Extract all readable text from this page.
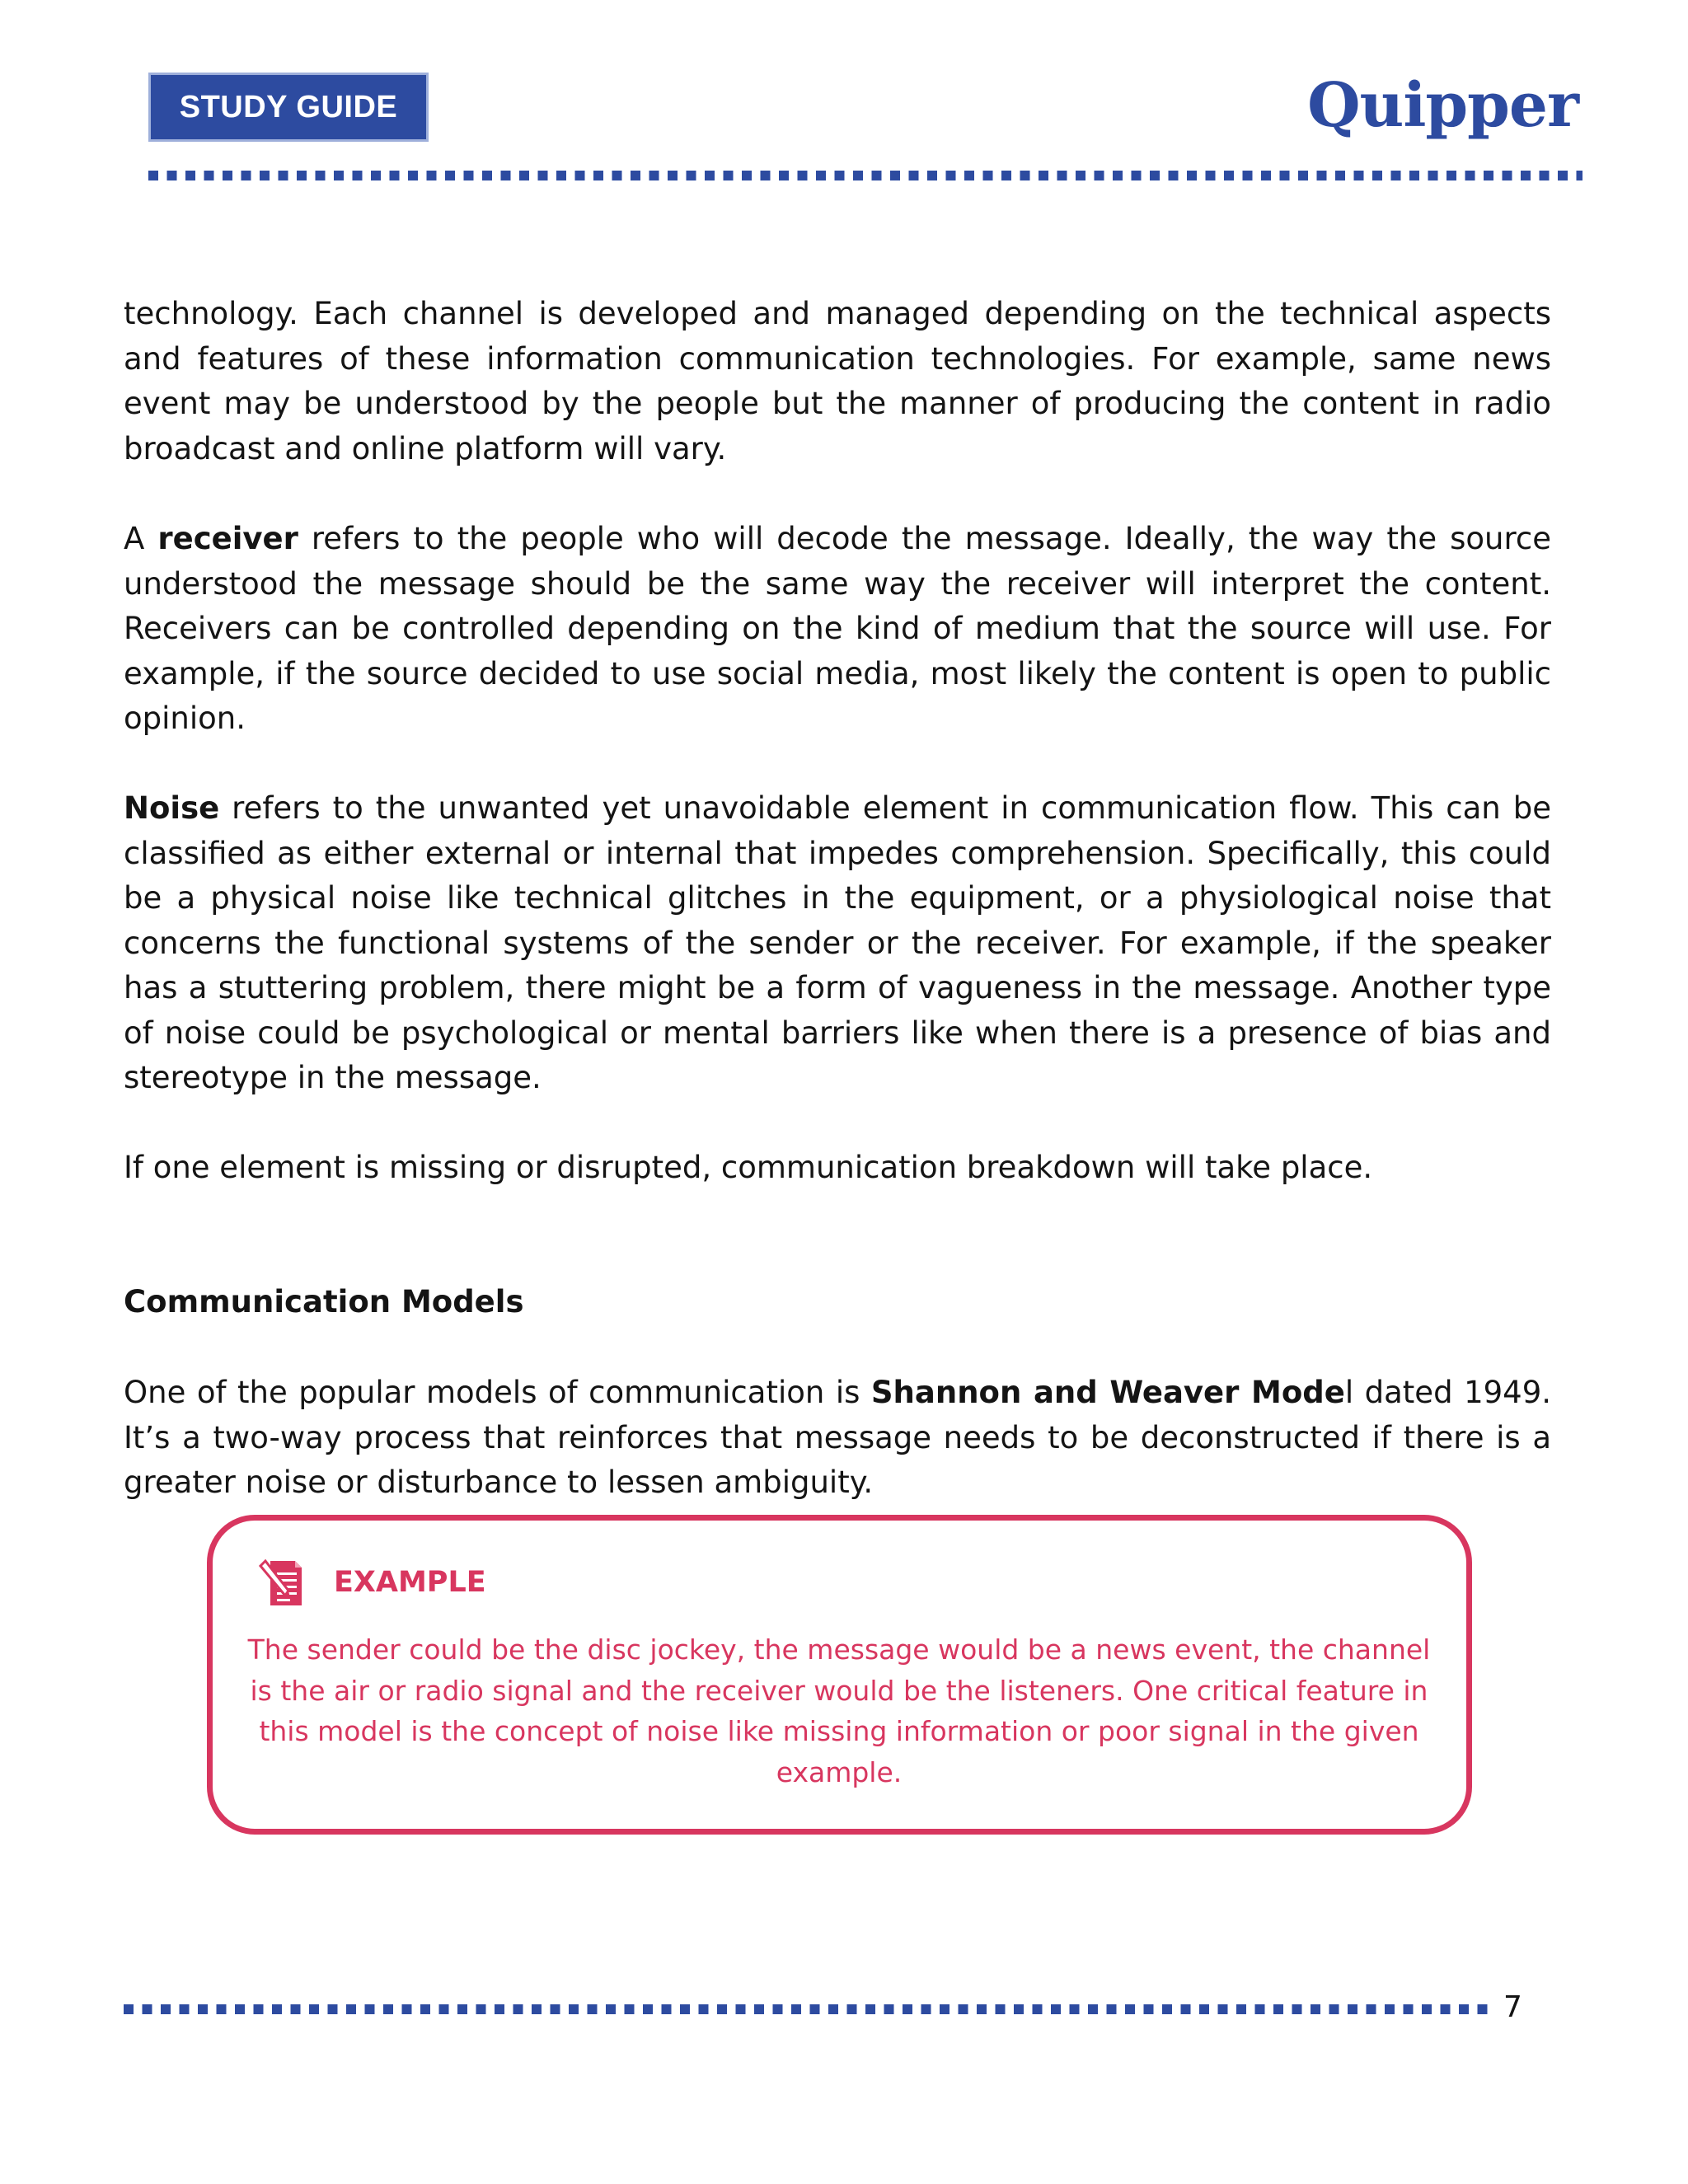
STUDY GUIDE	Quipper

technology. Each channel is developed and managed depending on the technical aspects and features of these information communication technologies. For example, same news event may be understood by the people but the manner of producing the content in radio broadcast and online platform will vary.

A receiver refers to the people who will decode the message. Ideally, the way the source understood the message should be the same way the receiver will interpret the content. Receivers can be controlled depending on the kind of medium that the source will use. For example, if the source decided to use social media, most likely the content is open to public opinion.

Noise refers to the unwanted yet unavoidable element in communication flow. This can be classified as either external or internal that impedes comprehension. Specifically, this could be a physical noise like technical glitches in the equipment, or a physiological noise that concerns the functional systems of the sender or the receiver. For example, if the speaker has a stuttering problem, there might be a form of vagueness in the message. Another type of noise could be psychological or mental barriers like when there is a presence of bias and stereotype in the message.

If one element is missing or disrupted, communication breakdown will take place.

Communication Models

One of the popular models of communication is Shannon and Weaver Model dated 1949. It’s a two-way process that reinforces that message needs to be deconstructed if there is a greater noise or disturbance to lessen ambiguity.

EXAMPLE

The sender could be the disc jockey, the message would be a news event, the channel is the air or radio signal and the receiver would be the listeners. One critical feature in this model is the concept of noise like missing information or poor signal in the given example.

7
